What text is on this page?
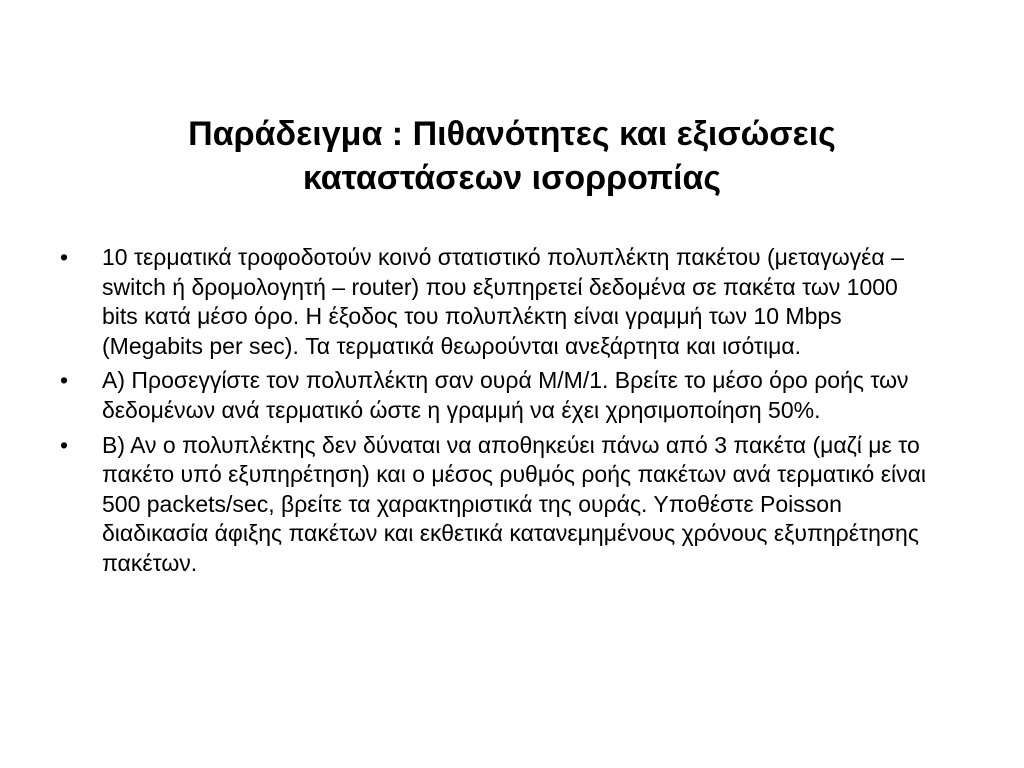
Παράδειγμα : Πιθανότητες και εξισώσεις
καταστάσεων ισορροπίας
•	10 τερματικά τροφοδοτούν κοινό στατιστικό πολυπλέκτη πακέτου (μεταγωγέα – switch ή δρομολογητή – router) που εξυπηρετεί δεδομένα σε πακέτα των 1000 bits κατά μέσο όρο. Η έξοδος του πολυπλέκτη είναι γραμμή των 10 Mbps (Megabits per sec). Τα τερματικά θεωρούνται ανεξάρτητα και ισότιμα.
•	Α) Προσεγγίστε τον πολυπλέκτη σαν ουρά Μ/Μ/1. Βρείτε το μέσο όρο ροής των δεδομένων ανά τερματικό ώστε η γραμμή να έχει χρησιμοποίηση 50%.
•	Β) Αν ο πολυπλέκτης δεν δύναται να αποθηκεύει πάνω από 3 πακέτα (μαζί με το πακέτο υπό εξυπηρέτηση) και ο μέσος ρυθμός ροής πακέτων ανά τερματικό είναι 500 packets/sec, βρείτε τα χαρακτηριστικά της ουράς. Υποθέστε Poisson διαδικασία άφιξης πακέτων και εκθετικά κατανεμημένους χρόνους εξυπηρέτησης πακέτων.
